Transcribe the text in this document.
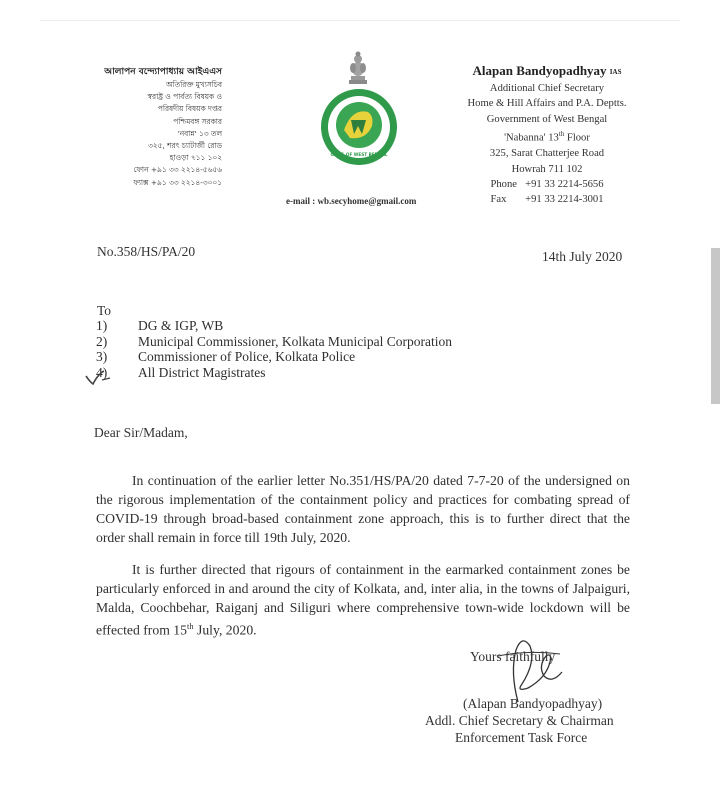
আলাপন বন্দ্যোপাধ্যায় আইএএস
অতিরিক্ত মুখ্যসচিব
স্বরাষ্ট্র ও পার্বত্য বিষয়ক ও
পরিষদীয় বিষয়ক দপ্তর
পশ্চিমবঙ্গ সরকার
'নবান্ন' ১৩ তল
৩২৫, শরৎ চ্যাটার্জী রোড
হাওড়া ৭১১ ১০২
ফোন +৯১ ৩৩ ২২১৪-৫৬৫৬
ফ্যাক্স +৯১ ৩৩ ২২১৪-৩০০১
GOVT. OF WEST BENGAL
Alapan Bandyopadhyay IAS
Additional Chief Secretary
Home & Hill Affairs and P.A. Deptts.
Government of West Bengal
'Nabanna' 13th Floor
325, Sarat Chatterjee Road
Howrah 711 102
Phone +91 33 2214-5656
Fax +91 33 2214-3001
e-mail : wb.secyhome@gmail.com
No.358/HS/PA/20	14th July 2020
To
1) DG & IGP, WB
2) Municipal Commissioner, Kolkata Municipal Corporation
3) Commissioner of Police, Kolkata Police
4) All District Magistrates
Dear Sir/Madam,
In continuation of the earlier letter No.351/HS/PA/20 dated 7-7-20 of the undersigned on the rigorous implementation of the containment policy and practices for combating spread of COVID-19 through broad-based containment zone approach, this is to further direct that the order shall remain in force till 19th July, 2020.
It is further directed that rigours of containment in the earmarked containment zones be particularly enforced in and around the city of Kolkata, and, inter alia, in the towns of Jalpaiguri, Malda, Coochbehar, Raiganj and Siliguri where comprehensive town-wide lockdown will be effected from 15th July, 2020.
Yours faithfully
(Alapan Bandyopadhyay)
Addl. Chief Secretary & Chairman
Enforcement Task Force
